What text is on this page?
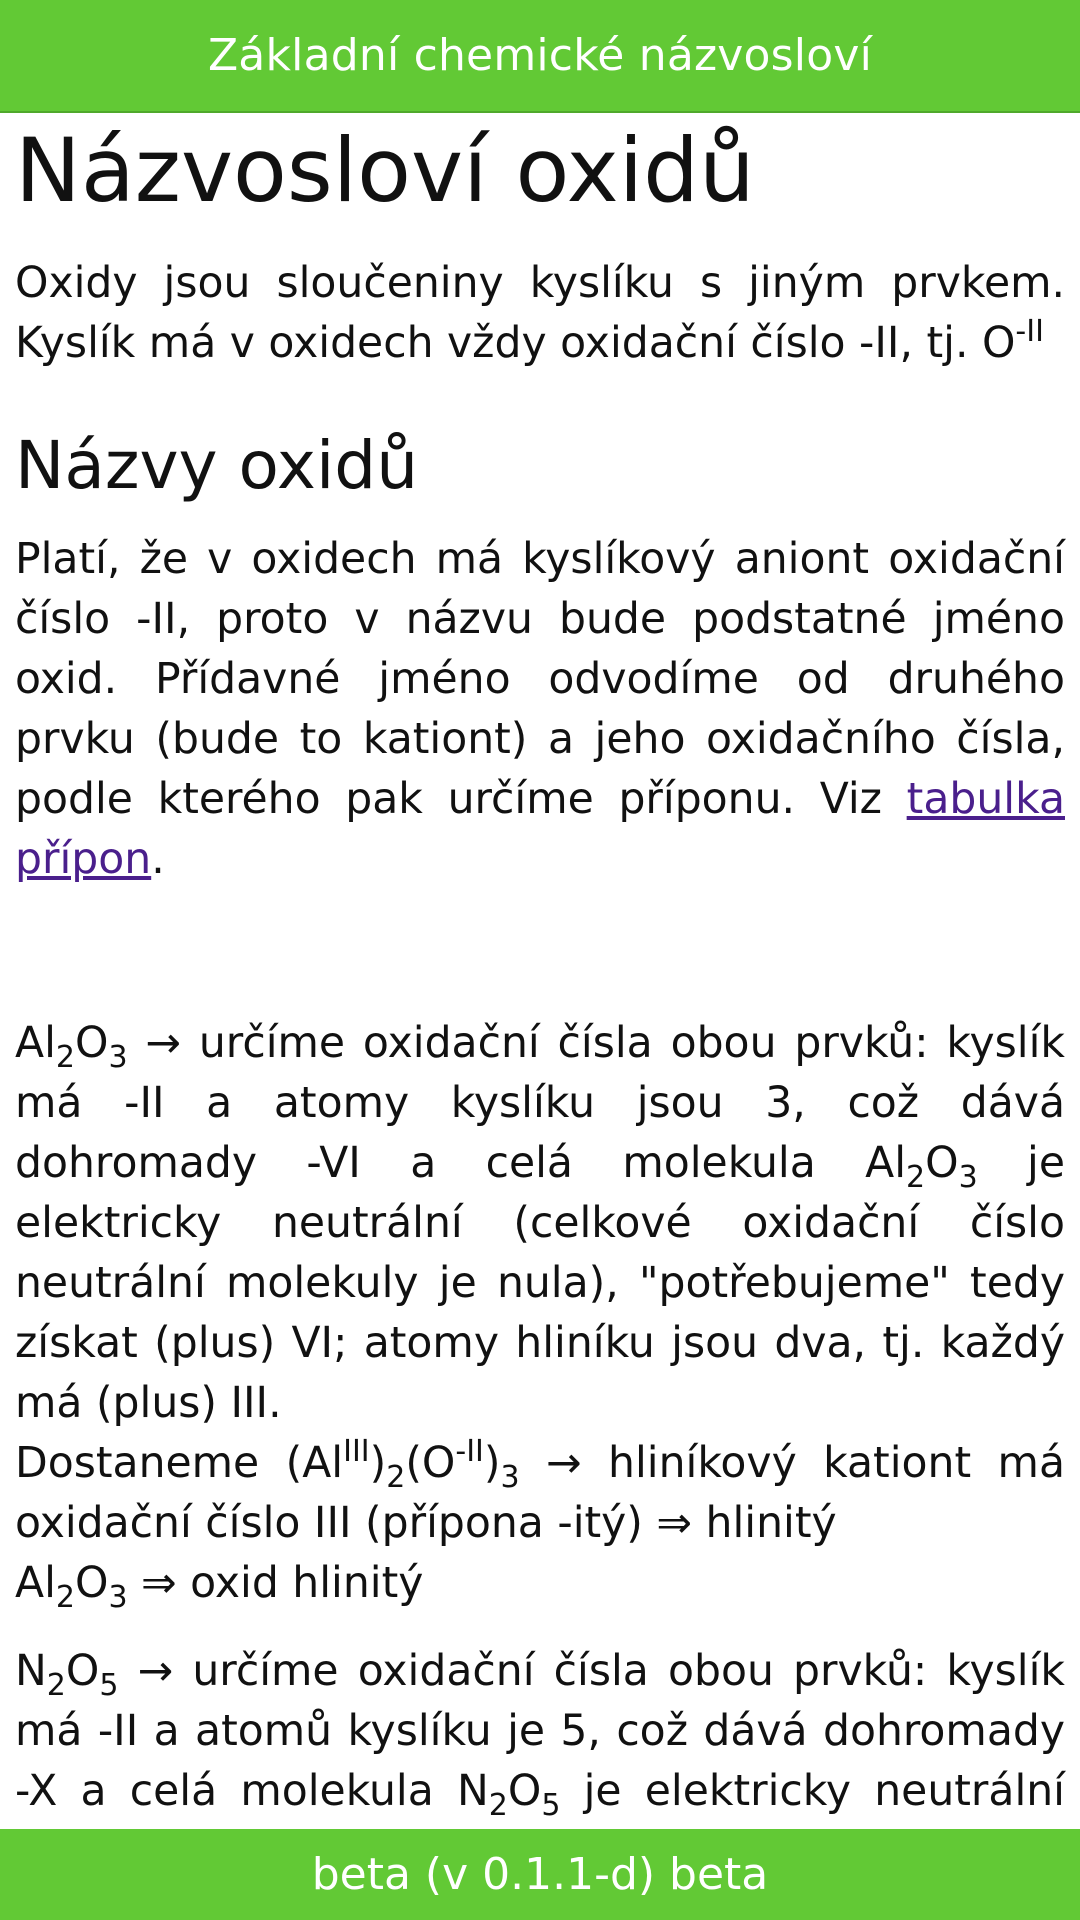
Základní chemické názvosloví
Názvosloví oxidů

Oxidy jsou sloučeniny kyslíku s jiným prvkem. Kyslík má v oxidech vždy oxidační číslo -II, tj. $O^{-II}$

Názvy oxidů

Platí, že v oxidech má kyslíkový aniont oxidační číslo -II, proto v názvu bude podstatné jméno oxid. Přídavné jméno odvodíme od druhého prvku (bude to kationt) a jeho oxidačního čísla, podle kterého pak určíme příponu. Viz tabulka přípon.

$Al_2O_3$ → určíme oxidační čísla obou prvků: kyslík má -II a atomy kyslíku jsou 3, což dává dohromady -VI a celá molekula $Al_2O_3$ je elektricky neutrální (celkové oxidační číslo neutrální molekuly je nula), "potřebujeme" tedy získat (plus) VI; atomy hliníku jsou dva, tj. každý má (plus) III.
Dostaneme $(Al^{III})_2(O^{-II})_3$ → hliníkový kationt má oxidační číslo III (přípona -itý) ⇒ hlinitý
$Al_2O_3$ ⇒ oxid hlinitý

$N_2O_5$ → určíme oxidační čísla obou prvků: kyslík má -II a atomů kyslíku je 5, což dává dohromady -X a celá molekula $N_2O_5$ je elektricky neutrální

beta (v 0.1.1-d) beta
